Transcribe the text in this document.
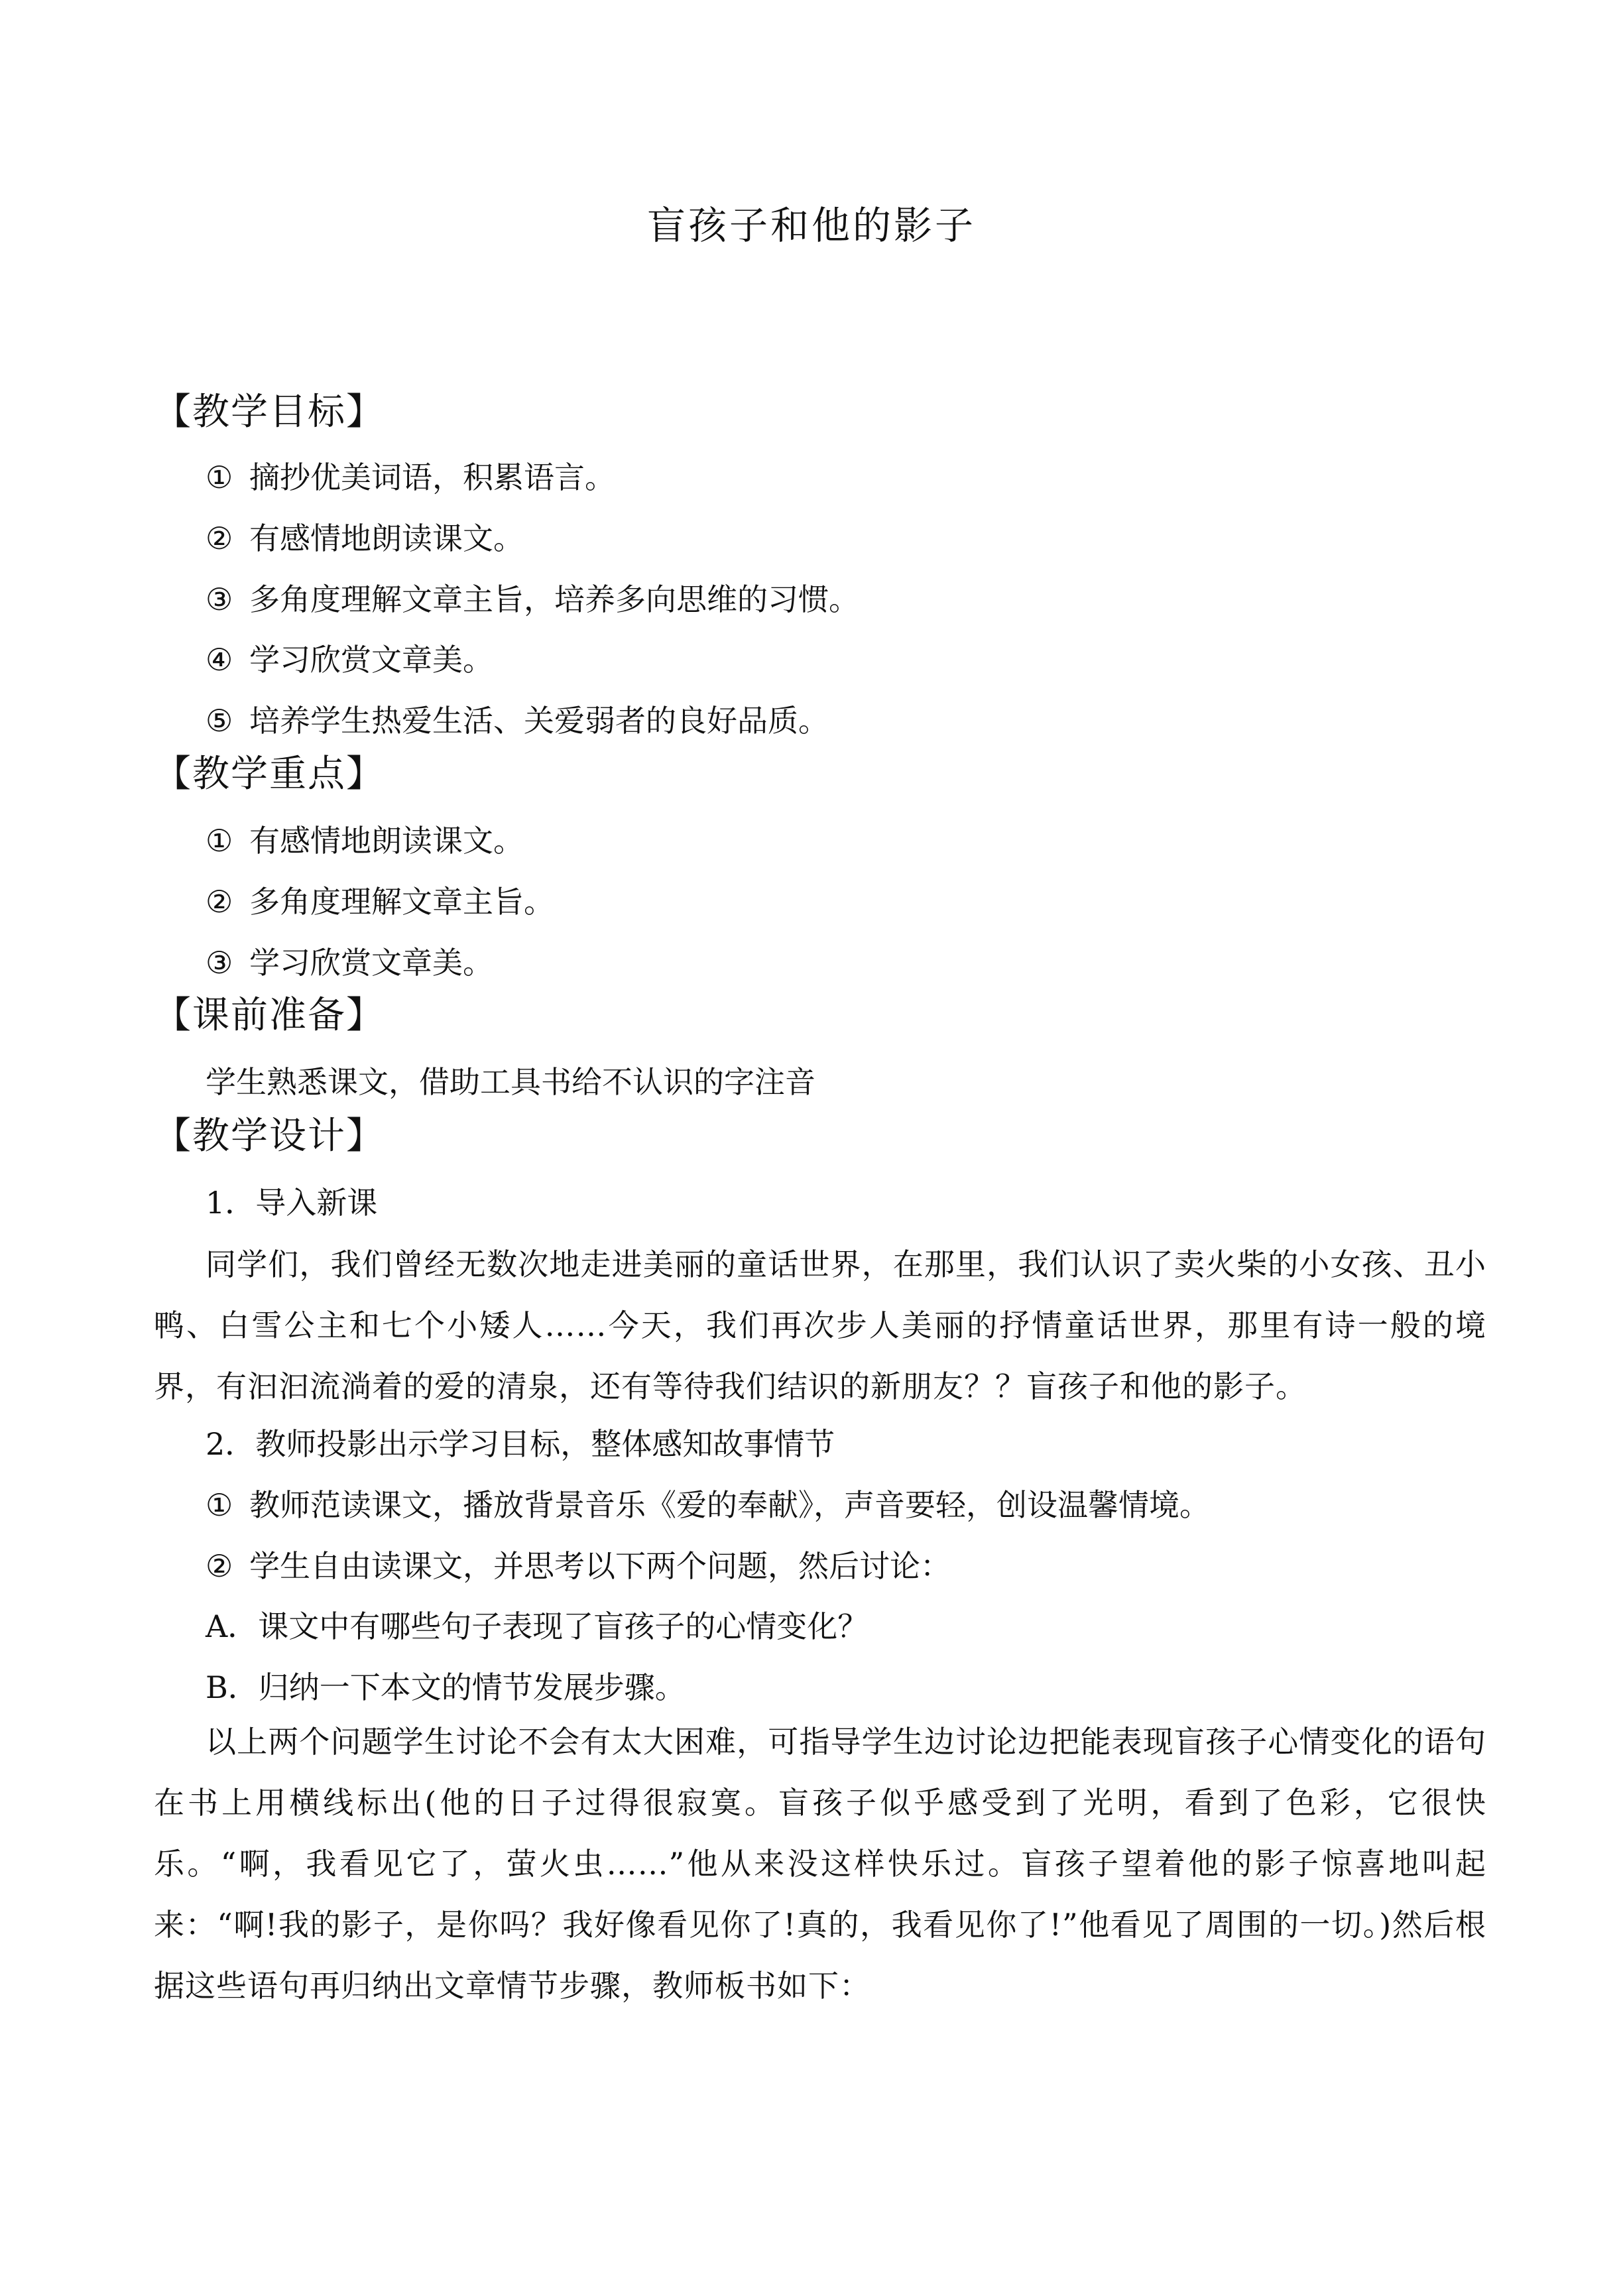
盲孩子和他的影子
【教学目标】
① 摘抄优美词语，积累语言。
② 有感情地朗读课文。
③ 多角度理解文章主旨，培养多向思维的习惯。
④ 学习欣赏文章美。
⑤ 培养学生热爱生活、关爱弱者的良好品质。
【教学重点】
① 有感情地朗读课文。
② 多角度理解文章主旨。
③ 学习欣赏文章美。
【课前准备】
学生熟悉课文，借助工具书给不认识的字注音
【教学设计】
1．导入新课
同学们，我们曾经无数次地走进美丽的童话世界，在那里，我们认识了卖火柴的小女孩、丑小鸭、白雪公主和七个小矮人……今天，我们再次步人美丽的抒情童话世界，那里有诗一般的境界，有汩汩流淌着的爱的清泉，还有等待我们结识的新朋友？？盲孩子和他的影子。
2．教师投影出示学习目标，整体感知故事情节
① 教师范读课文，播放背景音乐《爱的奉献》，声音要轻，创设温馨情境。
② 学生自由读课文，并思考以下两个问题，然后讨论：
A．课文中有哪些句子表现了盲孩子的心情变化？
B．归纳一下本文的情节发展步骤。
以上两个问题学生讨论不会有太大困难，可指导学生边讨论边把能表现盲孩子心情变化的语句在书上用横线标出(他的日子过得很寂寞。盲孩子似乎感受到了光明，看到了色彩，它很快乐。“啊，我看见它了，萤火虫……”他从来没这样快乐过。盲孩子望着他的影子惊喜地叫起来：“啊!我的影子，是你吗？我好像看见你了!真的，我看见你了!”他看见了周围的一切。)然后根据这些语句再归纳出文章情节步骤，教师板书如下：
